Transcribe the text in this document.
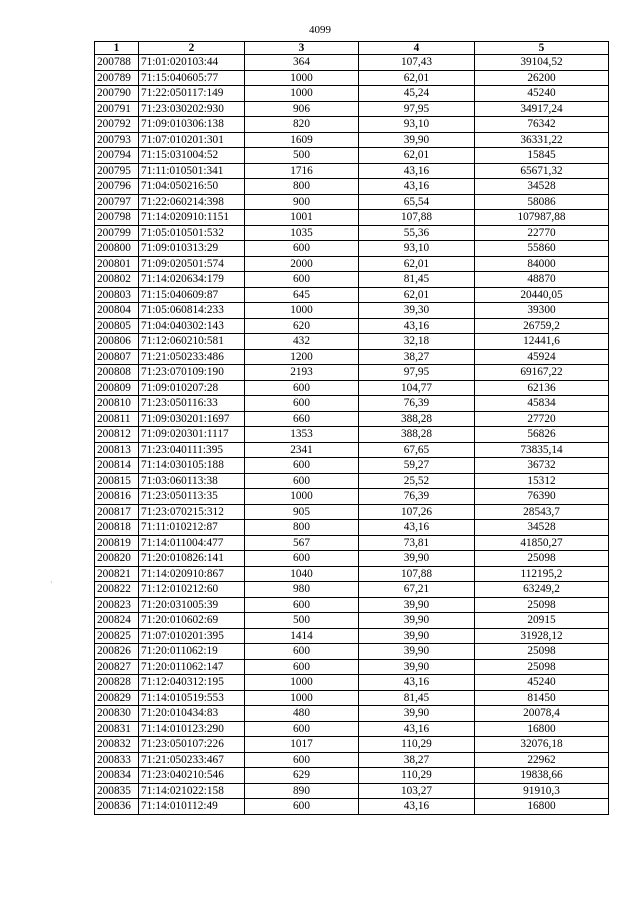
4099
1	2	3	4	5
200788	71:01:020103:44	364	107,43	39104,52
200789	71:15:040605:77	1000	62,01	26200
200790	71:22:050117:149	1000	45,24	45240
200791	71:23:030202:930	906	97,95	34917,24
200792	71:09:010306:138	820	93,10	76342
200793	71:07:010201:301	1609	39,90	36331,22
200794	71:15:031004:52	500	62,01	15845
200795	71:11:010501:341	1716	43,16	65671,32
200796	71:04:050216:50	800	43,16	34528
200797	71:22:060214:398	900	65,54	58086
200798	71:14:020910:1151	1001	107,88	107987,88
200799	71:05:010501:532	1035	55,36	22770
200800	71:09:010313:29	600	93,10	55860
200801	71:09:020501:574	2000	62,01	84000
200802	71:14:020634:179	600	81,45	48870
200803	71:15:040609:87	645	62,01	20440,05
200804	71:05:060814:233	1000	39,30	39300
200805	71:04:040302:143	620	43,16	26759,2
200806	71:12:060210:581	432	32,18	12441,6
200807	71:21:050233:486	1200	38,27	45924
200808	71:23:070109:190	2193	97,95	69167,22
200809	71:09:010207:28	600	104,77	62136
200810	71:23:050116:33	600	76,39	45834
200811	71:09:030201:1697	660	388,28	27720
200812	71:09:020301:1117	1353	388,28	56826
200813	71:23:040111:395	2341	67,65	73835,14
200814	71:14:030105:188	600	59,27	36732
200815	71:03:060113:38	600	25,52	15312
200816	71:23:050113:35	1000	76,39	76390
200817	71:23:070215:312	905	107,26	28543,7
200818	71:11:010212:87	800	43,16	34528
200819	71:14:011004:477	567	73,81	41850,27
200820	71:20:010826:141	600	39,90	25098
200821	71:14:020910:867	1040	107,88	112195,2
200822	71:12:010212:60	980	67,21	63249,2
200823	71:20:031005:39	600	39,90	25098
200824	71:20:010602:69	500	39,90	20915
200825	71:07:010201:395	1414	39,90	31928,12
200826	71:20:011062:19	600	39,90	25098
200827	71:20:011062:147	600	39,90	25098
200828	71:12:040312:195	1000	43,16	45240
200829	71:14:010519:553	1000	81,45	81450
200830	71:20:010434:83	480	39,90	20078,4
200831	71:14:010123:290	600	43,16	16800
200832	71:23:050107:226	1017	110,29	32076,18
200833	71:21:050233:467	600	38,27	22962
200834	71:23:040210:546	629	110,29	19838,66
200835	71:14:021022:158	890	103,27	91910,3
200836	71:14:010112:49	600	43,16	16800
·
